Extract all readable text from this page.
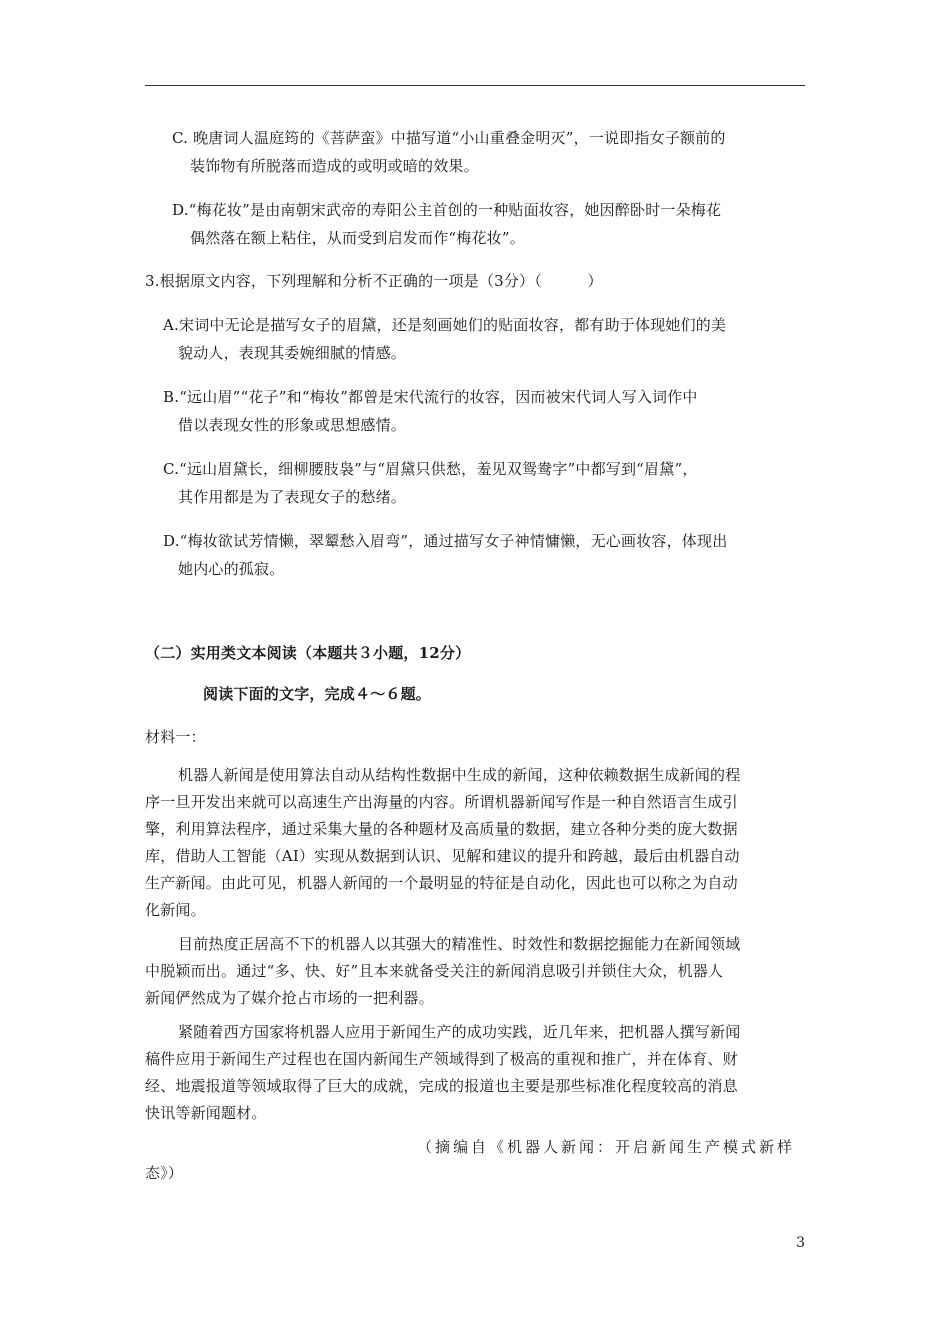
C. 晚唐词人温庭筠的《菩萨蛮》中描写道“小山重叠金明灭”，一说即指女子额前的
装饰物有所脱落而造成的或明或暗的效果。
D.“梅花妆”是由南朝宋武帝的寿阳公主首创的一种贴面妆容，她因醉卧时一朵梅花
偶然落在额上粘住，从而受到启发而作“梅花妆”。
3.根据原文内容，下列理解和分析不正确的一项是（3分）（　　　）
A.宋词中无论是描写女子的眉黛，还是刻画她们的贴面妆容，都有助于体现她们的美
貌动人，表现其委婉细腻的情感。
B.“远山眉”“花子”和“梅妆”都曾是宋代流行的妆容，因而被宋代词人写入词作中
借以表现女性的形象或思想感情。
C.“远山眉黛长，细柳腰肢袅”与“眉黛只供愁，羞见双鸳鸯字”中都写到“眉黛”，
其作用都是为了表现女子的愁绪。
D.“梅妆欲试芳情懒，翠颦愁入眉弯”，通过描写女子神情慵懒，无心画妆容，体现出
她内心的孤寂。
（二）实用类文本阅读（本题共３小题，12分）
阅读下面的文字，完成４～６题。
材料一：
机器人新闻是使用算法自动从结构性数据中生成的新闻，这种依赖数据生成新闻的程
序一旦开发出来就可以高速生产出海量的内容。所谓机器新闻写作是一种自然语言生成引
擎，利用算法程序，通过采集大量的各种题材及高质量的数据，建立各种分类的庞大数据
库，借助人工智能（AI）实现从数据到认识、见解和建议的提升和跨越，最后由机器自动
生产新闻。由此可见，机器人新闻的一个最明显的特征是自动化，因此也可以称之为自动
化新闻。
目前热度正居高不下的机器人以其强大的精准性、时效性和数据挖掘能力在新闻领域
中脱颖而出。通过“多、快、好”且本来就备受关注的新闻消息吸引并锁住大众，机器人
新闻俨然成为了媒介抢占市场的一把利器。
紧随着西方国家将机器人应用于新闻生产的成功实践，近几年来，把机器人撰写新闻
稿件应用于新闻生产过程也在国内新闻生产领域得到了极高的重视和推广，并在体育、财
经、地震报道等领域取得了巨大的成就，完成的报道也主要是那些标准化程度较高的消息
快讯等新闻题材。
（摘编自《机器人新闻：开启新闻生产模式新样
态》）
3
